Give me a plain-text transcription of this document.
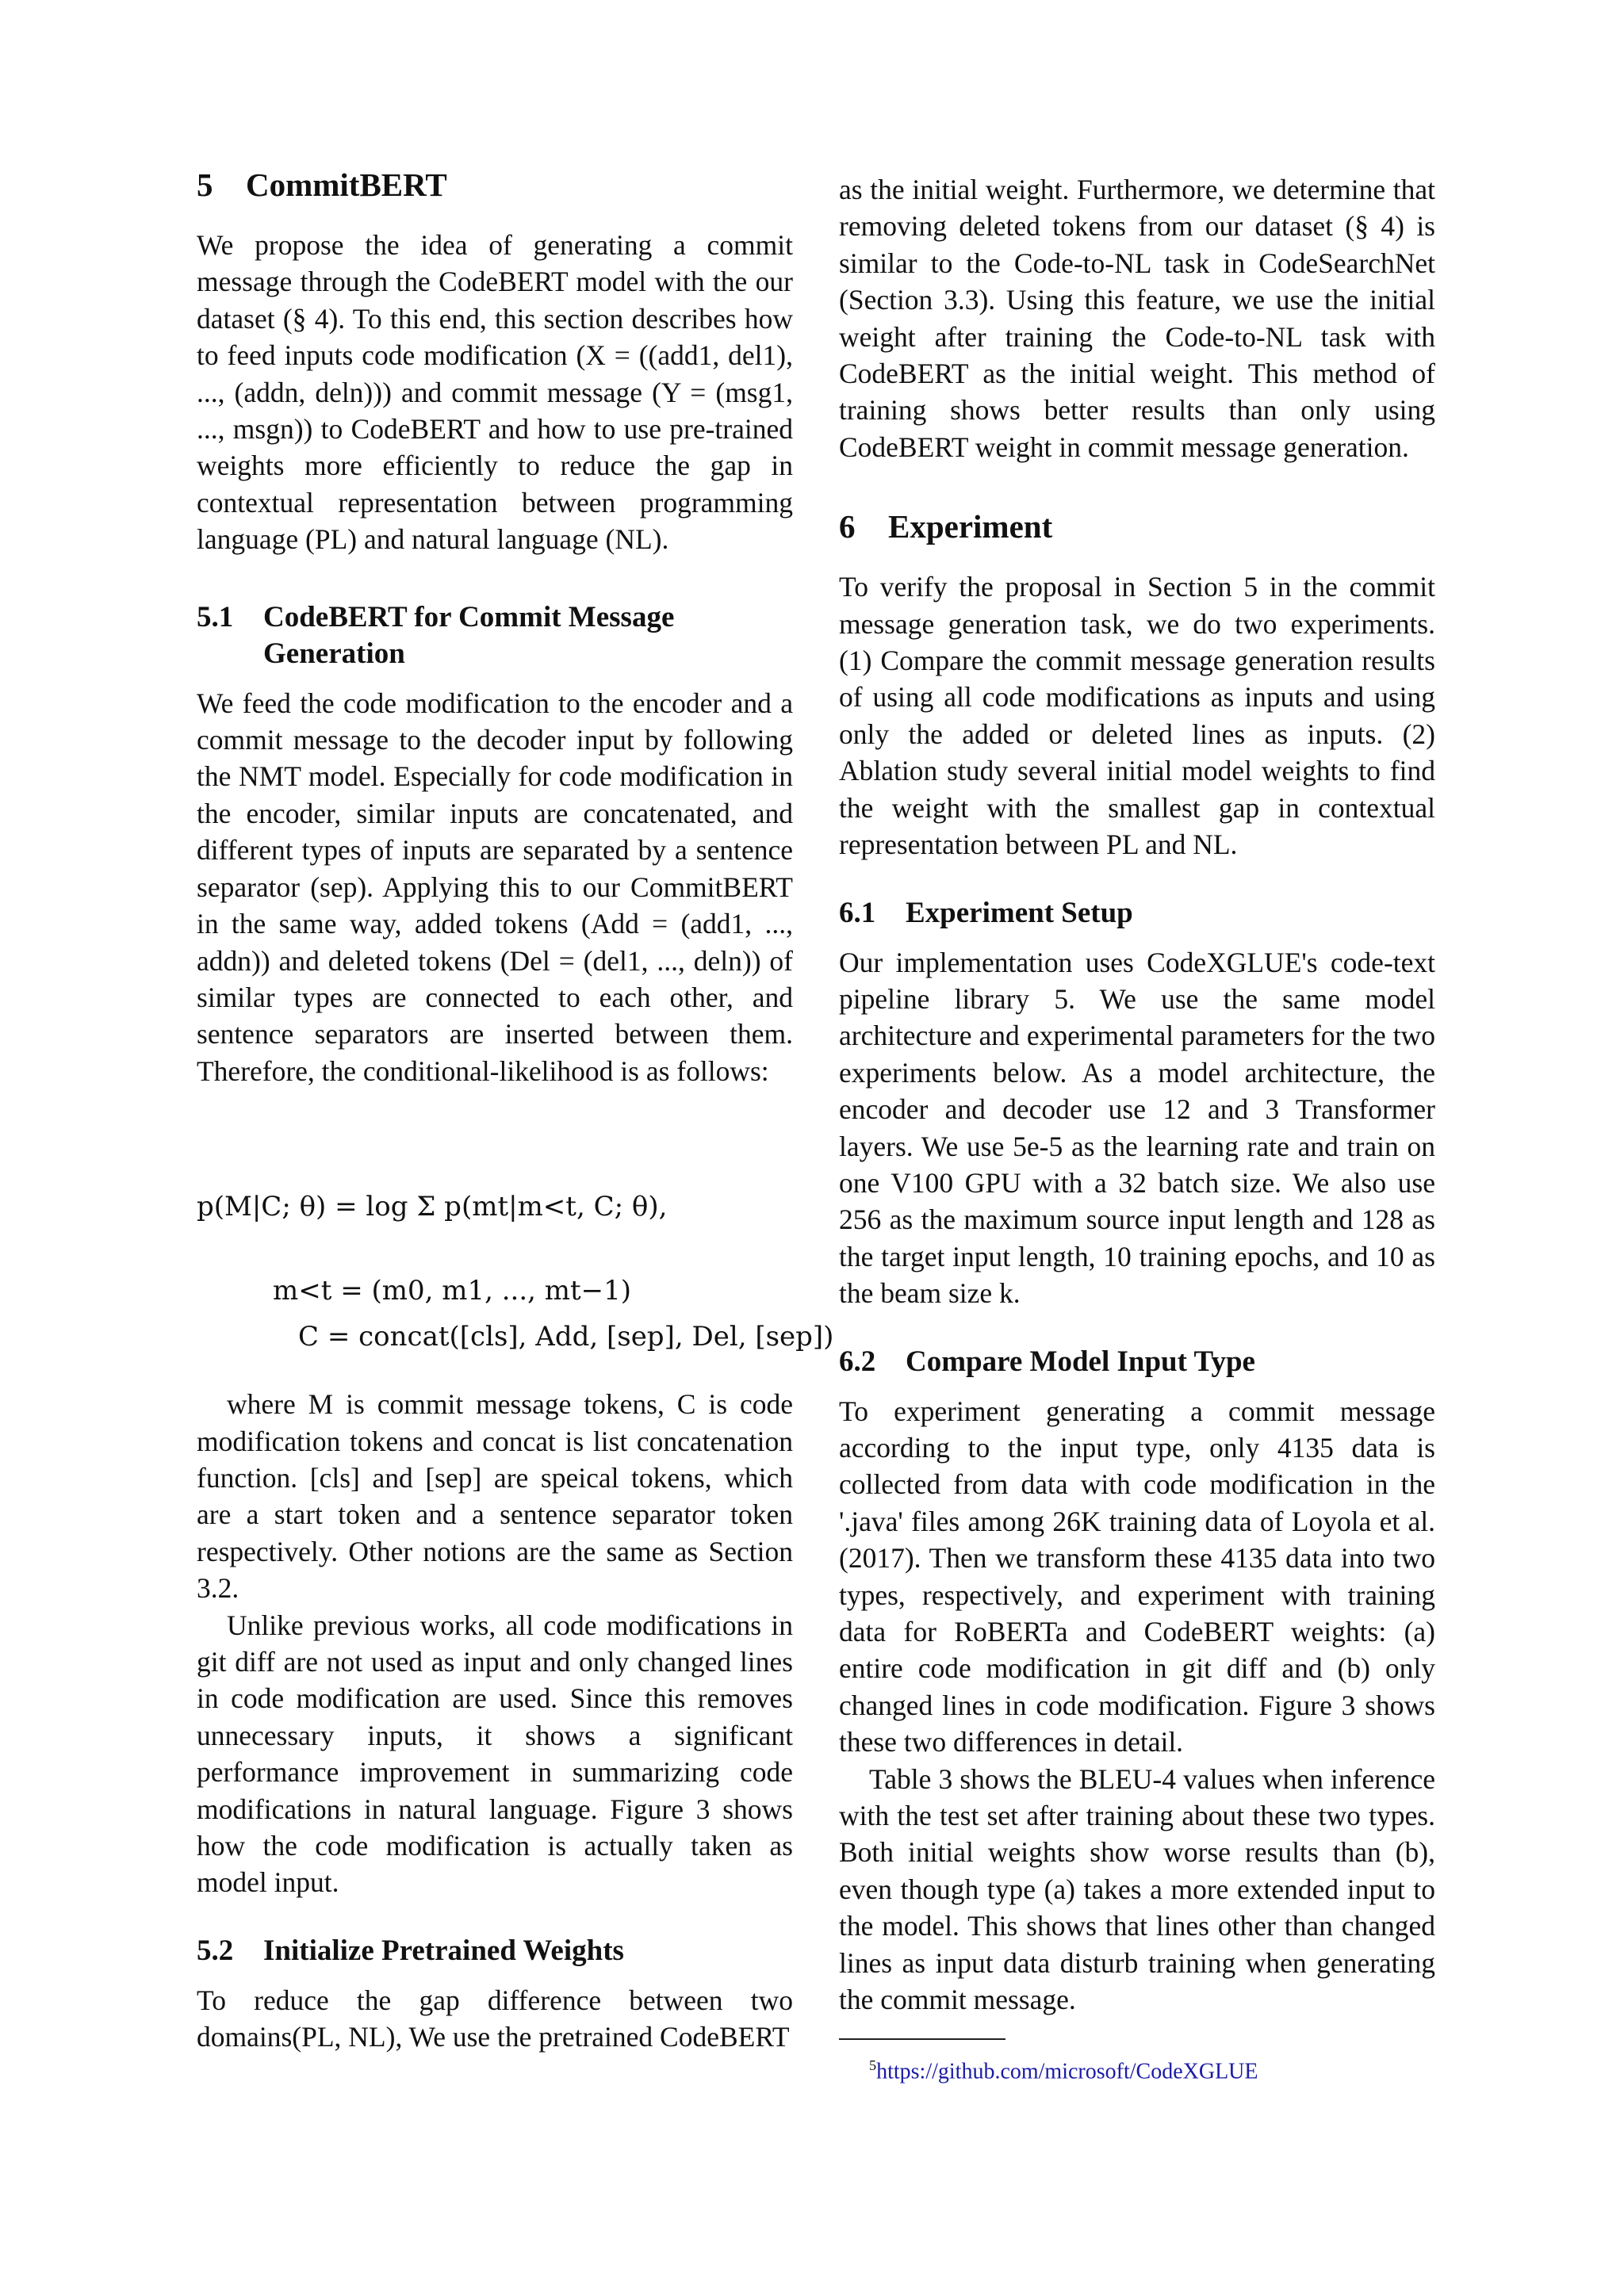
5 CommitBERT

We propose the idea of generating a commit message through the CodeBERT model with the our dataset (§ 4). To this end, this section describes how to feed inputs code modification (X = ((add1, del1), ..., (addn, deln))) and commit message (Y = (msg1, ..., msgn)) to CodeBERT and how to use pre-trained weights more efficiently to reduce the gap in contextual representation between programming language (PL) and natural language (NL).

5.1	CodeBERT for Commit Message Generation

We feed the code modification to the encoder and a commit message to the decoder input by following the NMT model. Especially for code modification in the encoder, similar inputs are concatenated, and different types of inputs are separated by a sentence separator (sep). Applying this to our CommitBERT in the same way, added tokens (Add = (add1, ..., addn)) and deleted tokens (Del = (del1, ..., deln)) of similar types are connected to each other, and sentence separators are inserted between them. Therefore, the conditional-likelihood is as follows:

p(M|C; θ) = log Σ p(mt|m<t, C; θ),
m<t = (m0, m1, ..., mt−1)
C = concat([cls], Add, [sep], Del, [sep])

where M is commit message tokens, C is code modification tokens and concat is list concatenation function. [cls] and [sep] are speical tokens, which are a start token and a sentence separator token respectively. Other notions are the same as Section 3.2.

Unlike previous works, all code modifications in git diff are not used as input and only changed lines in code modification are used. Since this removes unnecessary inputs, it shows a significant performance improvement in summarizing code modifications in natural language. Figure 3 shows how the code modification is actually taken as model input.

5.2	Initialize Pretrained Weights

To reduce the gap difference between two domains(PL, NL), We use the pretrained CodeBERT

as the initial weight. Furthermore, we determine that removing deleted tokens from our dataset (§ 4) is similar to the Code-to-NL task in CodeSearchNet (Section 3.3). Using this feature, we use the initial weight after training the Code-to-NL task with CodeBERT as the initial weight. This method of training shows better results than only using CodeBERT weight in commit message generation.

6 Experiment

To verify the proposal in Section 5 in the commit message generation task, we do two experiments. (1) Compare the commit message generation results of using all code modifications as inputs and using only the added or deleted lines as inputs. (2) Ablation study several initial model weights to find the weight with the smallest gap in contextual representation between PL and NL.

6.1	Experiment Setup

Our implementation uses CodeXGLUE's code-text pipeline library 5. We use the same model architecture and experimental parameters for the two experiments below. As a model architecture, the encoder and decoder use 12 and 3 Transformer layers. We use 5e-5 as the learning rate and train on one V100 GPU with a 32 batch size. We also use 256 as the maximum source input length and 128 as the target input length, 10 training epochs, and 10 as the beam size k.

6.2	Compare Model Input Type

To experiment generating a commit message according to the input type, only 4135 data is collected from data with code modification in the '.java' files among 26K training data of Loyola et al. (2017). Then we transform these 4135 data into two types, respectively, and experiment with training data for RoBERTa and CodeBERT weights: (a) entire code modification in git diff and (b) only changed lines in code modification. Figure 3 shows these two differences in detail.

Table 3 shows the BLEU-4 values when inference with the test set after training about these two types. Both initial weights show worse results than (b), even though type (a) takes a more extended input to the model. This shows that lines other than changed lines as input data disturb training when generating the commit message.

$^5$https://github.com/microsoft/CodeXGLUE
